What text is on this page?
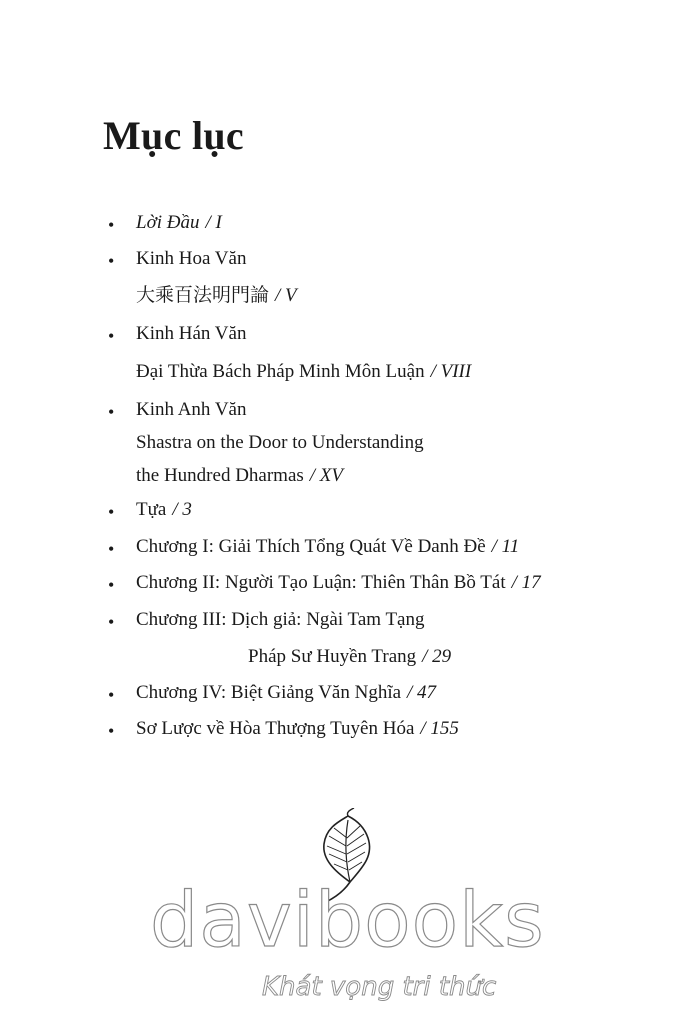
Mục lục
• Lời Đầu / I
• Kinh Hoa Văn
大乘百法明門論 / V
• Kinh Hán Văn
Đại Thừa Bách Pháp Minh Môn Luận / VIII
• Kinh Anh Văn
Shastra on the Door to Understanding
the Hundred Dharmas / XV
• Tựa / 3
• Chương I: Giải Thích Tổng Quát Về Danh Đề / 11
• Chương II: Người Tạo Luận: Thiên Thân Bồ Tát / 17
• Chương III: Dịch giả: Ngài Tam Tạng
Pháp Sư Huyền Trang / 29
• Chương IV: Biệt Giảng Văn Nghĩa / 47
• Sơ Lược về Hòa Thượng Tuyên Hóa / 155

davibooks

Khát vọng tri thức
